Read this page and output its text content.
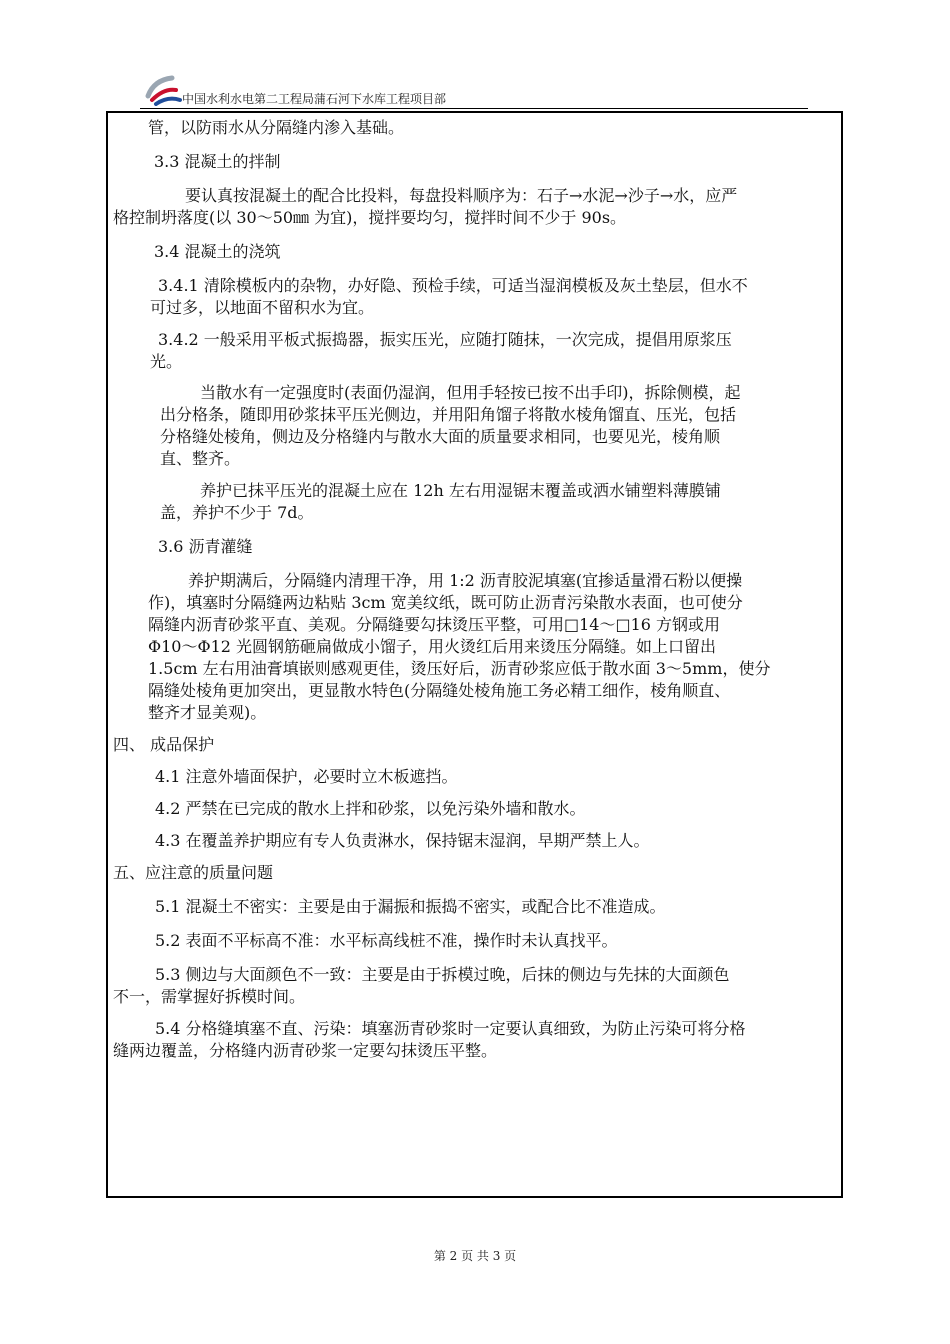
中国水利水电第二工程局蒲石河下水库工程项目部
管，以防雨水从分隔缝内渗入基础。
3.3 混凝土的拌制
要认真按混凝土的配合比投料，每盘投料顺序为：石子→水泥→沙子→水，应严
格控制坍落度(以 30～50㎜ 为宜)，搅拌要均匀，搅拌时间不少于 90s。
3.4 混凝土的浇筑
3.4.1 清除模板内的杂物，办好隐、预检手续，可适当湿润模板及灰土垫层，但水不
可过多，以地面不留积水为宜。
3.4.2 一般采用平板式振捣器，振实压光，应随打随抹，一次完成，提倡用原浆压
光。
当散水有一定强度时(表面仍湿润，但用手轻按已按不出手印)，拆除侧模，起
出分格条，随即用砂浆抹平压光侧边，并用阳角馏子将散水棱角馏直、压光，包括
分格缝处棱角，侧边及分格缝内与散水大面的质量要求相同，也要见光，棱角顺
直、整齐。
养护已抹平压光的混凝土应在 12h 左右用湿锯末覆盖或洒水铺塑料薄膜铺
盖，养护不少于 7d。
3.6 沥青灌缝
养护期满后，分隔缝内清理干净，用 1:2 沥青胶泥填塞(宜掺适量滑石粉以便操
作)，填塞时分隔缝两边粘贴 3cm 宽美纹纸，既可防止沥青污染散水表面，也可使分
隔缝内沥青砂浆平直、美观。分隔缝要勾抹烫压平整，可用□14～□16 方钢或用
Φ10～Φ12 光圆钢筋砸扁做成小馏子，用火烫红后用来烫压分隔缝。如上口留出
1.5cm 左右用油膏填嵌则感观更佳，烫压好后，沥青砂浆应低于散水面 3～5mm，使分
隔缝处棱角更加突出，更显散水特色(分隔缝处棱角施工务必精工细作，棱角顺直、
整齐才显美观)。
四、 成品保护
4.1 注意外墙面保护，必要时立木板遮挡。
4.2 严禁在已完成的散水上拌和砂浆，以免污染外墙和散水。
4.3 在覆盖养护期应有专人负责淋水，保持锯末湿润，早期严禁上人。
五、应注意的质量问题
5.1 混凝土不密实：主要是由于漏振和振捣不密实，或配合比不准造成。
5.2 表面不平标高不准：水平标高线桩不准，操作时未认真找平。
5.3 侧边与大面颜色不一致：主要是由于拆模过晚，后抹的侧边与先抹的大面颜色
不一，需掌握好拆模时间。
5.4 分格缝填塞不直、污染：填塞沥青砂浆时一定要认真细致，为防止污染可将分格
缝两边覆盖，分格缝内沥青砂浆一定要勾抹烫压平整。
第 2 页 共 3 页
